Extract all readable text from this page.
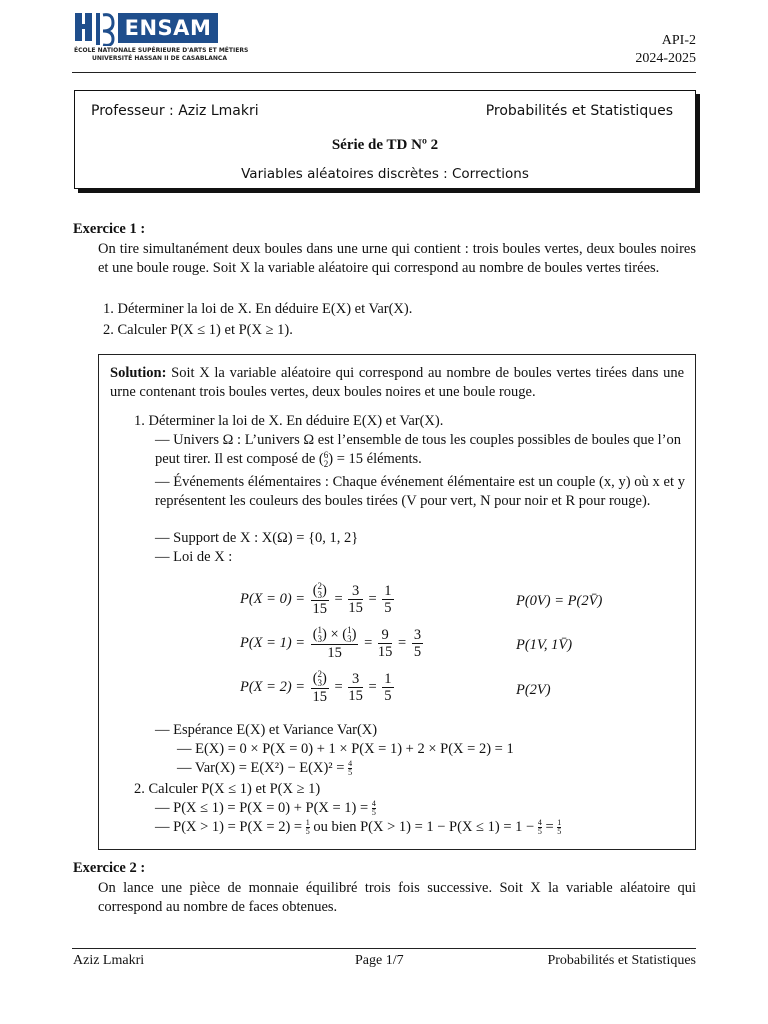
ENSAM
ÉCOLE NATIONALE SUPÉRIEURE D'ARTS ET MÉTIERS
UNIVERSITÉ HASSAN II DE CASABLANCA
API-2
2024-2025
Professeur : Aziz Lmakri	Probabilités et Statistiques
Série de TD Nº 2
Variables aléatoires discrètes : Corrections
Exercice 1 :
On tire simultanément deux boules dans une urne qui contient : trois boules vertes, deux boules noires et une boule rouge. Soit X la variable aléatoire qui correspond au nombre de boules vertes tirées.
1. Déterminer la loi de X. En déduire E(X) et Var(X).
2. Calculer P(X ≤ 1) et P(X ≥ 1).
Solution: Soit X la variable aléatoire qui correspond au nombre de boules vertes tirées dans une urne contenant trois boules vertes, deux boules noires et une boule rouge.
1. Déterminer la loi de X. En déduire E(X) et Var(X).
— Univers Ω : L’univers Ω est l’ensemble de tous les couples possibles de boules que l’on peut tirer. Il est composé de ( 6
2 ) = 15 éléments.
— Événements élémentaires : Chaque événement élémentaire est un couple (x, y) où x et y représentent les couleurs des boules tirées (V pour vert, N pour noir et R pour rouge).
— Support de X : X(Ω) = {0, 1, 2}
— Loi de X :
P(X = 0) = ( 2
3 )
$15 = \frac{3}{15} = \frac{1}{5}$	P(0V) = P(2V̄)
P(X = 1) = ( 1
3 ) × ( 1
3 )
$15 = \frac{9}{15} = \frac{3}{5}$	P(1V, 1V̄)
P(X = 2) = ( 2
3 )
$15 = \frac{3}{15} = \frac{1}{5}$	P(2V)
— Espérance E(X) et Variance Var(X)
— E(X) = 0 × P(X = 0) + 1 × P(X = 1) + 2 × P(X = 2) = 1
— $Var(X) = E(X^2) - E(X)^2 = \frac{4}{5}$
2. Calculer P(X ≤ 1) et P(X ≥ 1)
— $P(X \le 1) = P(X = 0) + P(X = 1) = \frac{4}{5}$
— $P(X > 1) = P(X = 2) = \frac{1}{5}$ ou bien $P(X > 1) = 1 - P(X \le 1) = 1 - \frac{4}{5} = \frac{1}{5}$
Exercice 2 :
On lance une pièce de monnaie équilibré trois fois successive. Soit X la variable aléatoire qui correspond au nombre de faces obtenues.
Aziz Lmakri	Page 1/7	Probabilités et Statistiques
